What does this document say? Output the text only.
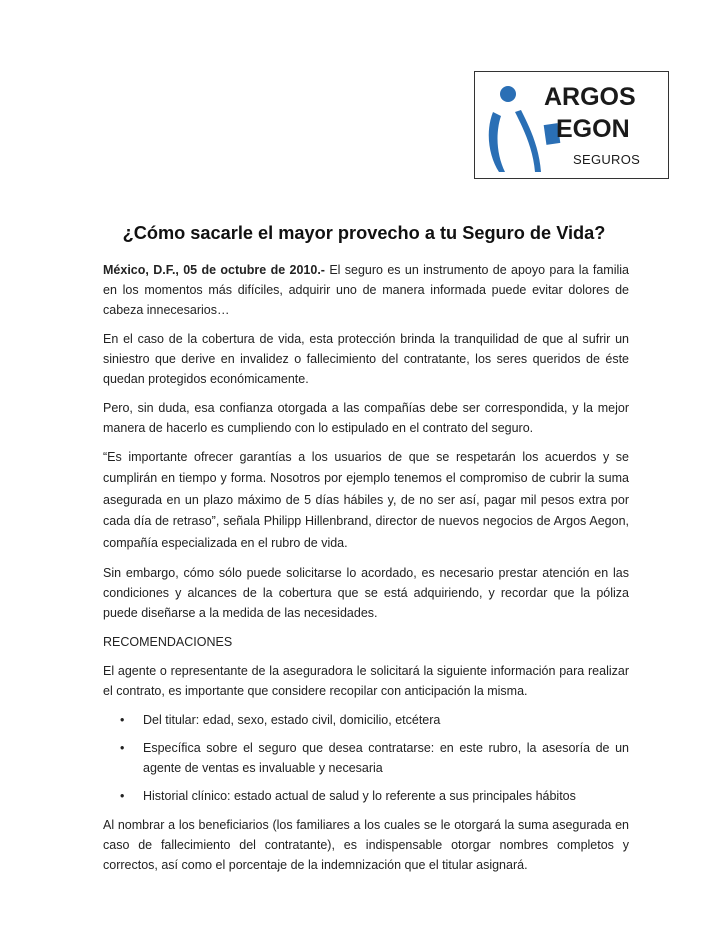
ARGOS
EGON
SEGUROS
¿Cómo sacarle el mayor provecho a tu Seguro de Vida?

México, D.F., 05 de octubre de 2010.- El seguro es un instrumento de apoyo para la familia en los momentos más difíciles, adquirir uno de manera informada puede evitar dolores de cabeza innecesarios…

En el caso de la cobertura de vida, esta protección brinda la tranquilidad de que al sufrir un siniestro que derive en invalidez o fallecimiento del contratante, los seres queridos de éste quedan protegidos económicamente.

Pero, sin duda, esa confianza otorgada a las compañías debe ser correspondida, y la mejor manera de hacerlo es cumpliendo con lo estipulado en el contrato del seguro.

“Es importante ofrecer garantías a los usuarios de que se respetarán los acuerdos y se cumplirán en tiempo y forma. Nosotros por ejemplo tenemos el compromiso de cubrir la suma asegurada en un plazo máximo de 5 días hábiles y, de no ser así, pagar mil pesos extra por cada día de retraso”, señala Philipp Hillenbrand, director de nuevos negocios de Argos Aegon, compañía especializada en el rubro de vida.

Sin embargo, cómo sólo puede solicitarse lo acordado, es necesario prestar atención en las condiciones y alcances de la cobertura que se está adquiriendo, y recordar que la póliza puede diseñarse a la medida de las necesidades.

RECOMENDACIONES

El agente o representante de la aseguradora le solicitará la siguiente información para realizar el contrato, es importante que considere recopilar con anticipación la misma.

• Del titular: edad, sexo, estado civil, domicilio, etcétera
• Específica sobre el seguro que desea contratarse: en este rubro, la asesoría de un agente de ventas es invaluable y necesaria
• Historial clínico: estado actual de salud y lo referente a sus principales hábitos

Al nombrar a los beneficiarios (los familiares a los cuales se le otorgará la suma asegurada en caso de fallecimiento del contratante), es indispensable otorgar nombres completos y correctos, así como el porcentaje de la indemnización que el titular asignará.
